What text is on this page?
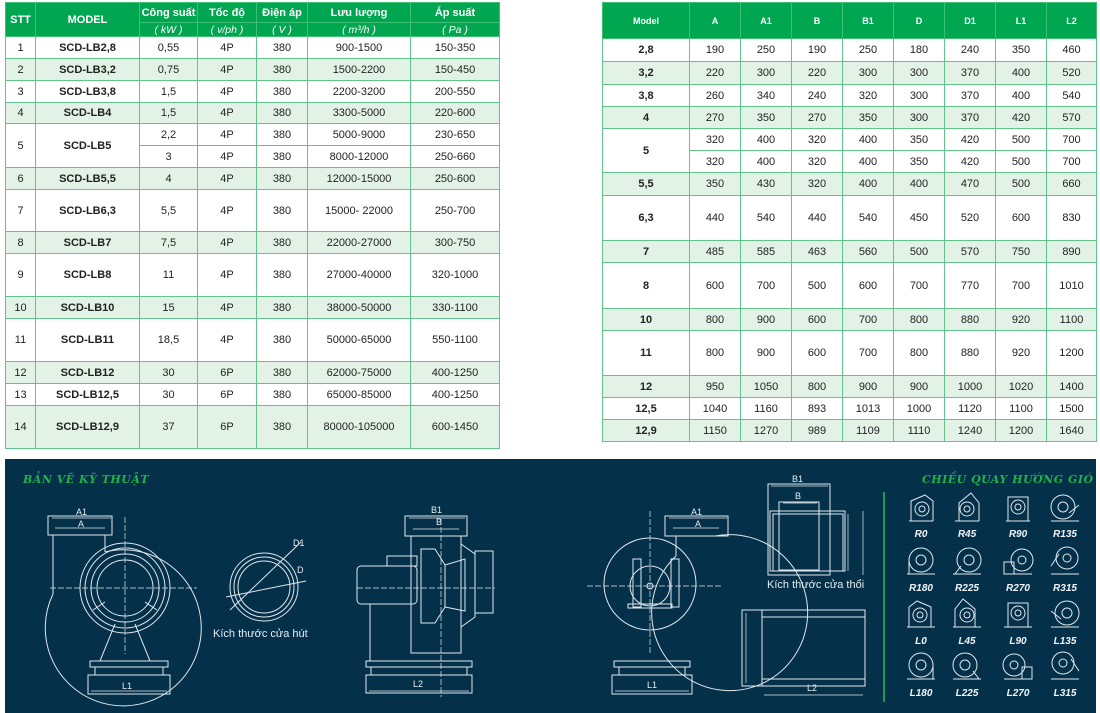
STT	MODEL	Công suất	Tốc độ	Điện áp	Lưu lượng	Áp suất
		( kW )	( v/ph )	( V )	( m³/h )	( Pa )
1	SCD-LB2,8	0,55	4P	380	900-1500	150-350
2	SCD-LB3,2	0,75	4P	380	1500-2200	150-450
3	SCD-LB3,8	1,5	4P	380	2200-3200	200-550
4	SCD-LB4	1,5	4P	380	3300-5000	220-600
5	SCD-LB5	2,2	4P	380	5000-9000	230-650
		3	4P	380	8000-12000	250-660
6	SCD-LB5,5	4	4P	380	12000-15000	250-600
7	SCD-LB6,3	5,5	4P	380	15000- 22000	250-700
8	SCD-LB7	7,5	4P	380	22000-27000	300-750
9	SCD-LB8	11	4P	380	27000-40000	320-1000
10	SCD-LB10	15	4P	380	38000-50000	330-1100
11	SCD-LB11	18,5	4P	380	50000-65000	550-1100
12	SCD-LB12	30	6P	380	62000-75000	400-1250
13	SCD-LB12,5	30	6P	380	65000-85000	400-1250
14	SCD-LB12,9	37	6P	380	80000-105000	600-1450
Model	A	A1	B	B1	D	D1	L1	L2
2,8	190	250	190	250	180	240	350	460
3,2	220	300	220	300	300	370	400	520
3,8	260	340	240	320	300	370	400	540
4	270	350	270	350	300	370	420	570
5	320	400	320	400	350	420	500	700
	320	400	320	400	350	420	500	700
5,5	350	430	320	400	400	470	500	660
6,3	440	540	440	540	450	520	600	830
7	485	585	463	560	500	570	750	890
8	600	700	500	600	700	770	700	1010
10	800	900	600	700	800	880	920	1100
11	800	900	600	700	800	880	920	1200
12	950	1050	800	900	900	1000	1020	1400
12,5	1040	1160	893	1013	1000	1120	1100	1500
12,9	1150	1270	989	1109	1110	1240	1200	1640
BẢN VẼ KỸ THUẬT
A1
A
L1
D1
D
B1
B
L2
A1
A
L1
B1
B
L2
Kích thước cửa hút
Kích thước cửa thổi
CHIỀU QUAY HƯỚNG GIÓ
R0	R45	R90	R135
R180	R225	R270	R315
L0	L45	L90	L135
L180	L225	L270	L315
